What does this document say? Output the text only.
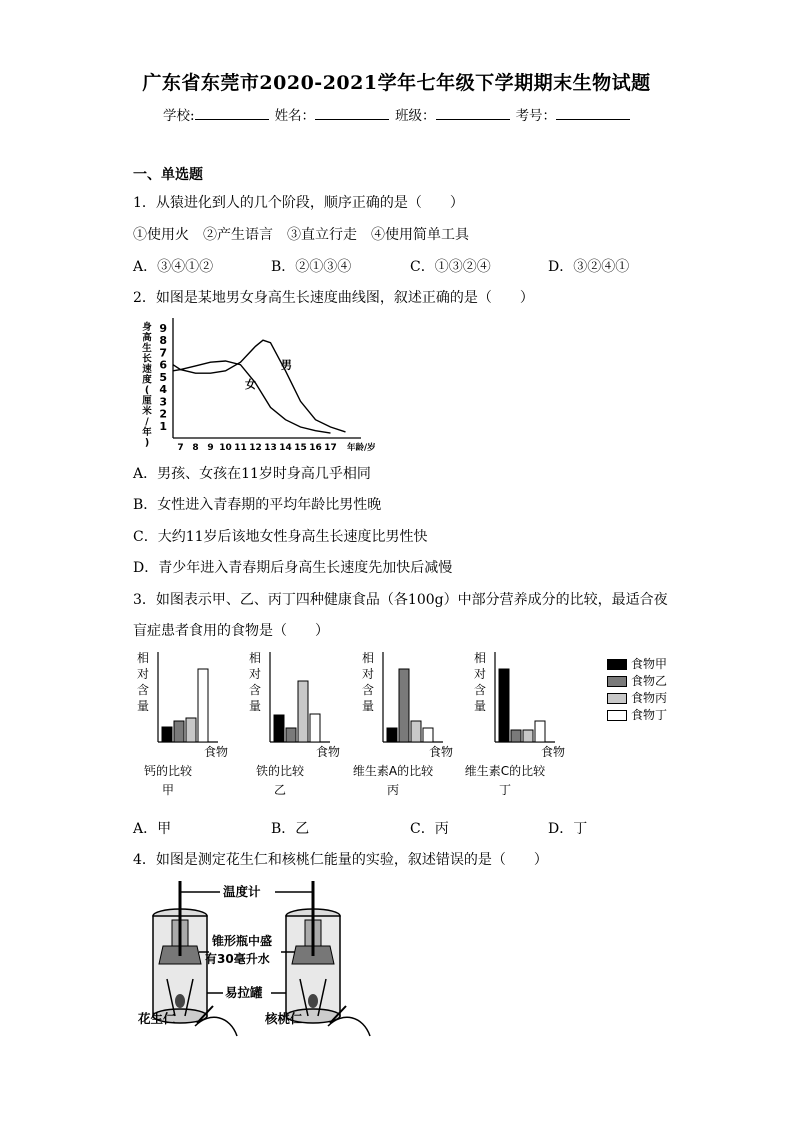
广东省东莞市2020-2021学年七年级下学期期末生物试题
学校:	姓名：	班级：	考号：
一、单选题
1．从猿进化到人的几个阶段，顺序正确的是（　　）
①使用火　②产生语言　③直立行走　④使用简单工具
A．③④①②	B．②①③④	C．①③②④	D．③②④①
2．如图是某地男女身高生长速度曲线图，叙述正确的是（　　）
身
高
生
长
速
度
(
厘
米
/
年
)
1
2
3
4
5
6
7
8
9
7 8 9 10 11 12 13 14 15 16 17 年龄/岁
男
女
A．男孩、女孩在11岁时身高几乎相同
B．女性进入青春期的平均年龄比男性晚
C．大约11岁后该地女性身高生长速度比男性快
D．青少年进入青春期后身高生长速度先加快后减慢
3．如图表示甲、乙、丙丁四种健康食品（各100g）中部分营养成分的比较，最适合夜
盲症患者食用的食物是（　　）
相
对
含
量
食物
钙的比较
甲
相
对
含
量
食物
铁的比较
乙
相
对
含
量
食物
维生素A的比较
丙
相
对
含
量
食物
维生素C的比较
丁
食物甲
食物乙
食物丙
食物丁
A．甲	B．乙	C．丙	D．丁
4．如图是测定花生仁和核桃仁能量的实验，叙述错误的是（　　）
温度计
锥形瓶中盛
有30毫升水
易拉罐
花生仁	核桃仁
